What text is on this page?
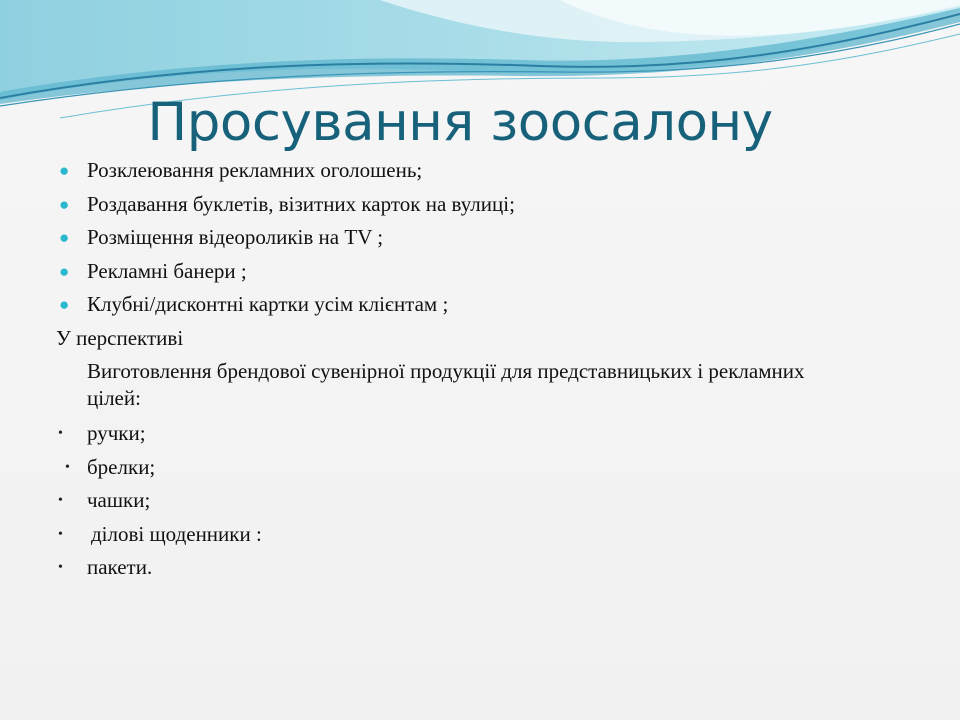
Просування зоосалону
● Розклеювання рекламних оголошень;
● Роздавання буклетів, візитних карток на вулиці;
● Розміщення відеороликів на TV ;
● Рекламні банери ;
● Клубні/дисконтні картки усім клієнтам ;
У перспективі
Виготовлення брендової сувенірної продукції для представницьких і рекламних цілей:
• ручки;
• брелки;
• чашки;
• ділові щоденники :
• пакети.
